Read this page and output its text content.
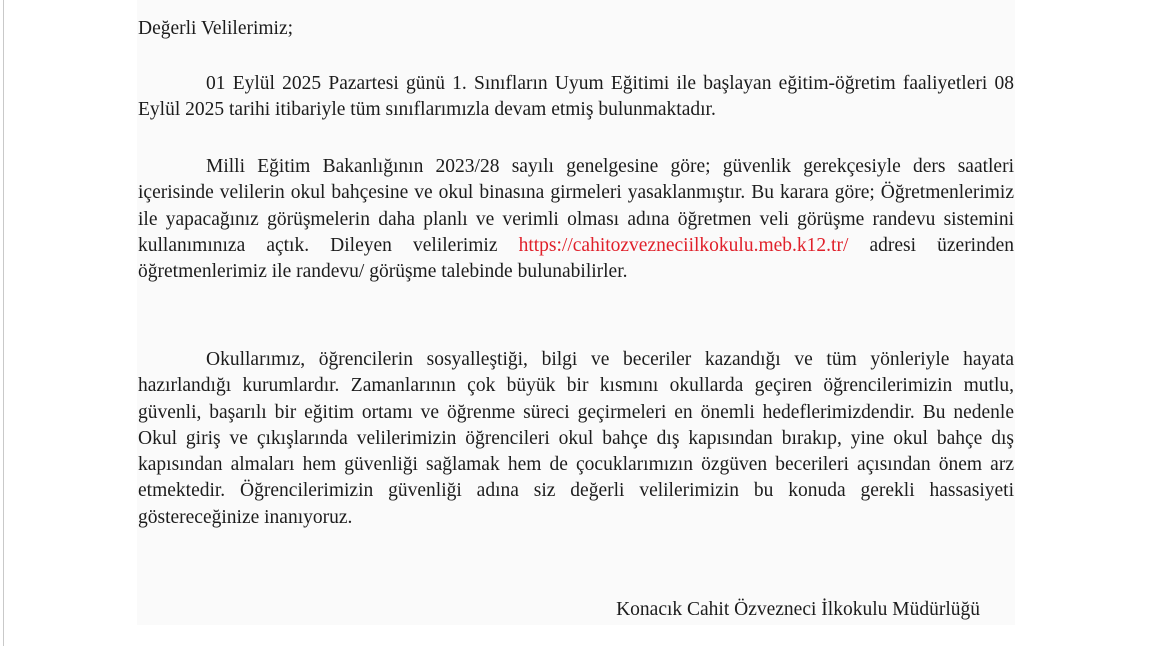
Değerli Velilerimiz;

01 Eylül 2025 Pazartesi günü 1. Sınıfların Uyum Eğitimi ile başlayan eğitim-öğretim faaliyetleri 08 Eylül 2025 tarihi itibariyle tüm sınıflarımızla devam etmiş bulunmaktadır.

Milli Eğitim Bakanlığının 2023/28 sayılı genelgesine göre; güvenlik gerekçesiyle ders saatleri içerisinde velilerin okul bahçesine ve okul binasına girmeleri yasaklanmıştır. Bu karara göre; Öğretmenlerimiz ile yapacağınız görüşmelerin daha planlı ve verimli olması adına öğretmen veli görüşme randevu sistemini kullanımınıza açtık. Dileyen velilerimiz https://cahitozvezneciilkokulu.meb.k12.tr/ adresi üzerinden öğretmenlerimiz ile randevu/ görüşme talebinde bulunabilirler.

Okullarımız, öğrencilerin sosyalleştiği, bilgi ve beceriler kazandığı ve tüm yönleriyle hayata hazırlandığı kurumlardır. Zamanlarının çok büyük bir kısmını okullarda geçiren öğrencilerimizin mutlu, güvenli, başarılı bir eğitim ortamı ve öğrenme süreci geçirmeleri en önemli hedeflerimizdendir. Bu nedenle Okul giriş ve çıkışlarında velilerimizin öğrencileri okul bahçe dış kapısından bırakıp, yine okul bahçe dış kapısından almaları hem güvenliği sağlamak hem de çocuklarımızın özgüven becerileri açısından önem arz etmektedir. Öğrencilerimizin güvenliği adına siz değerli velilerimizin bu konuda gerekli hassasiyeti göstereceğinize inanıyoruz.

Konacık Cahit Özvezneci İlkokulu Müdürlüğü
